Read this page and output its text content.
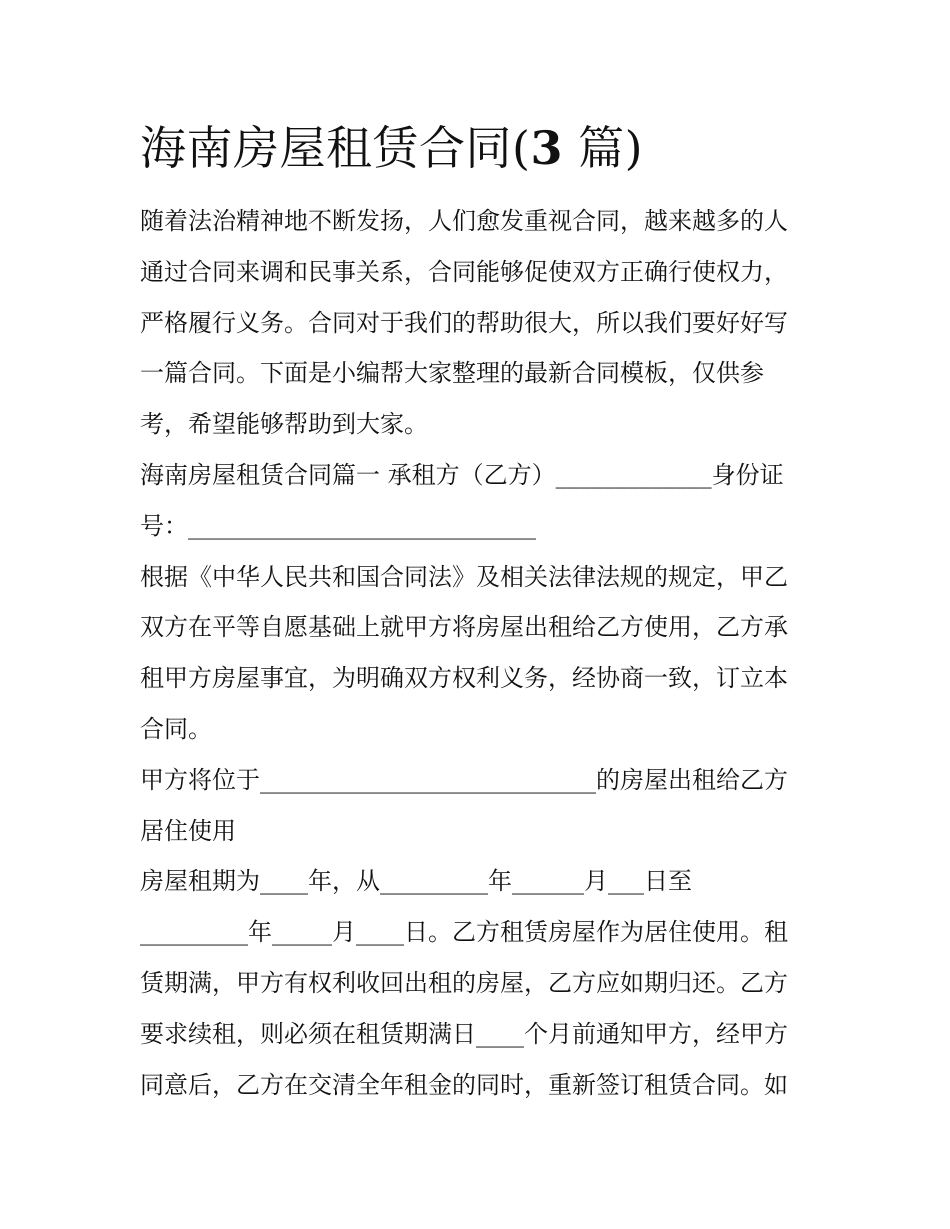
海南房屋租赁合同(3 篇)

随着法治精神地不断发扬，人们愈发重视合同，越来越多的人

通过合同来调和民事关系，合同能够促使双方正确行使权力，

严格履行义务。合同对于我们的帮助很大，所以我们要好好写

一篇合同。下面是小编帮大家整理的最新合同模板，仅供参

考，希望能够帮助到大家。

海南房屋租赁合同篇一 承租方（乙方）_____________身份证

号：_____________________________

根据《中华人民共和国合同法》及相关法律法规的规定，甲乙

双方在平等自愿基础上就甲方将房屋出租给乙方使用，乙方承

租甲方房屋事宜，为明确双方权利义务，经协商一致，订立本

合同。

甲方将位于____________________________的房屋出租给乙方

居住使用

房屋租期为____年，从_________年______月___日至

_________年_____月____日。乙方租赁房屋作为居住使用。租

赁期满，甲方有权利收回出租的房屋，乙方应如期归还。乙方

要求续租，则必须在租赁期满日____个月前通知甲方，经甲方

同意后，乙方在交清全年租金的同时，重新签订租赁合同。如
